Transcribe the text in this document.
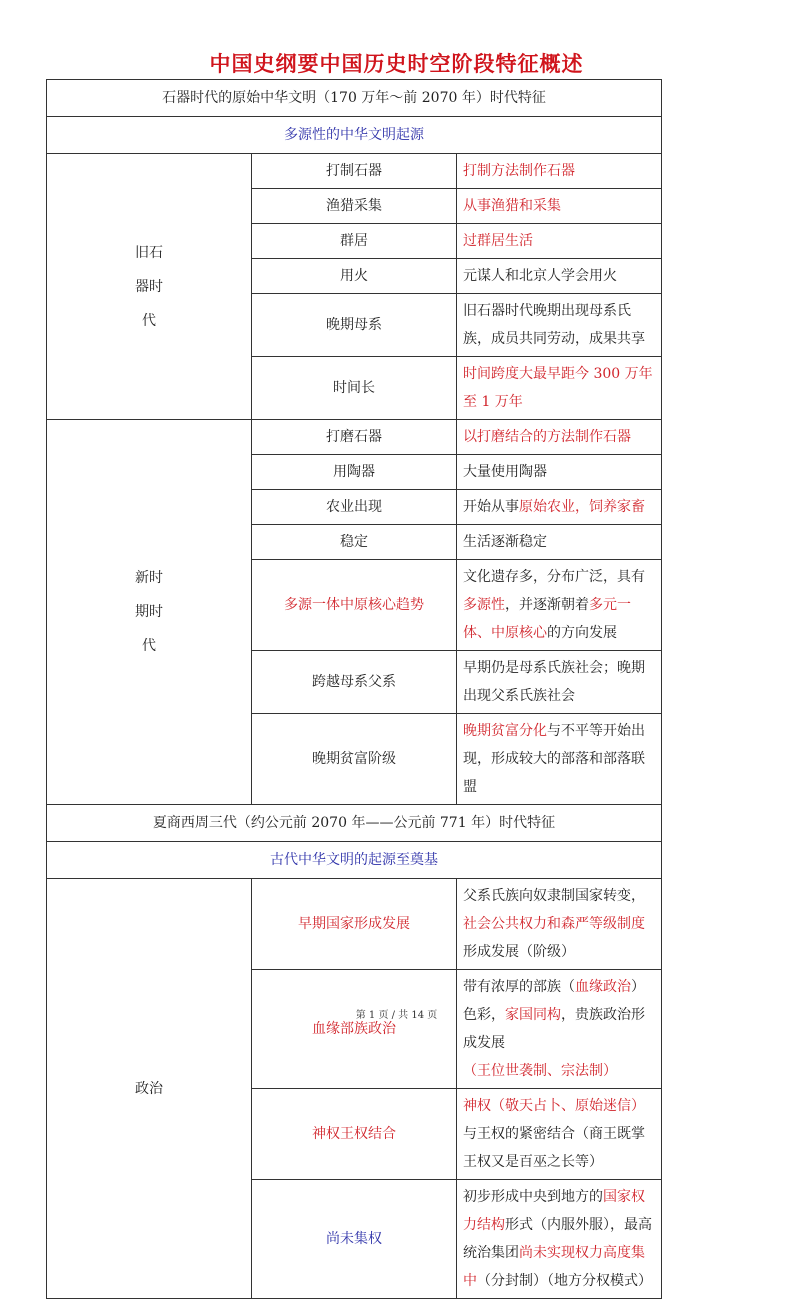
中国史纲要中国历史时空阶段特征概述
石器时代的原始中华文明（170 万年～前 2070 年）时代特征		
多源性的中华文明起源		
旧石器时代	打制石器	打制方法制作石器
	渔猎采集	从事渔猎和采集
	群居	过群居生活
	用火	元谋人和北京人学会用火
	晚期母系	旧石器时代晚期出现母系氏族，成员共同劳动，成果共享
	时间长	时间跨度大最早距今 300 万年至 1 万年
新时期时代	打磨石器	以打磨结合的方法制作石器
	用陶器	大量使用陶器
	农业出现	开始从事原始农业，饲养家畜
	稳定	生活逐渐稳定
	多源一体中原核心趋势	文化遗存多，分布广泛，具有多源性，并逐渐朝着多元一体、中原核心的方向发展
	跨越母系父系	早期仍是母系氏族社会；晚期出现父系氏族社会
	晚期贫富阶级	晚期贫富分化与不平等开始出现，形成较大的部落和部落联盟
夏商西周三代（约公元前 2070 年——公元前 771 年）时代特征		
古代中华文明的起源至奠基		
政治	早期国家形成发展	父系氏族向奴隶制国家转变，社会公共权力和森严等级制度形成发展（阶级）
	血缘部族政治	带有浓厚的部族（血缘政治）色彩，家国同构，贵族政治形成发展（王位世袭制、宗法制）
	神权王权结合	神权（敬天占卜、原始迷信）与王权的紧密结合（商王既掌王权又是百巫之长等）
	尚未集权	初步形成中央到地方的国家权力结构形式（内服外服），最高统治集团尚未实现权力高度集中（分封制）（地方分权模式）
第 1 页 / 共 14 页
